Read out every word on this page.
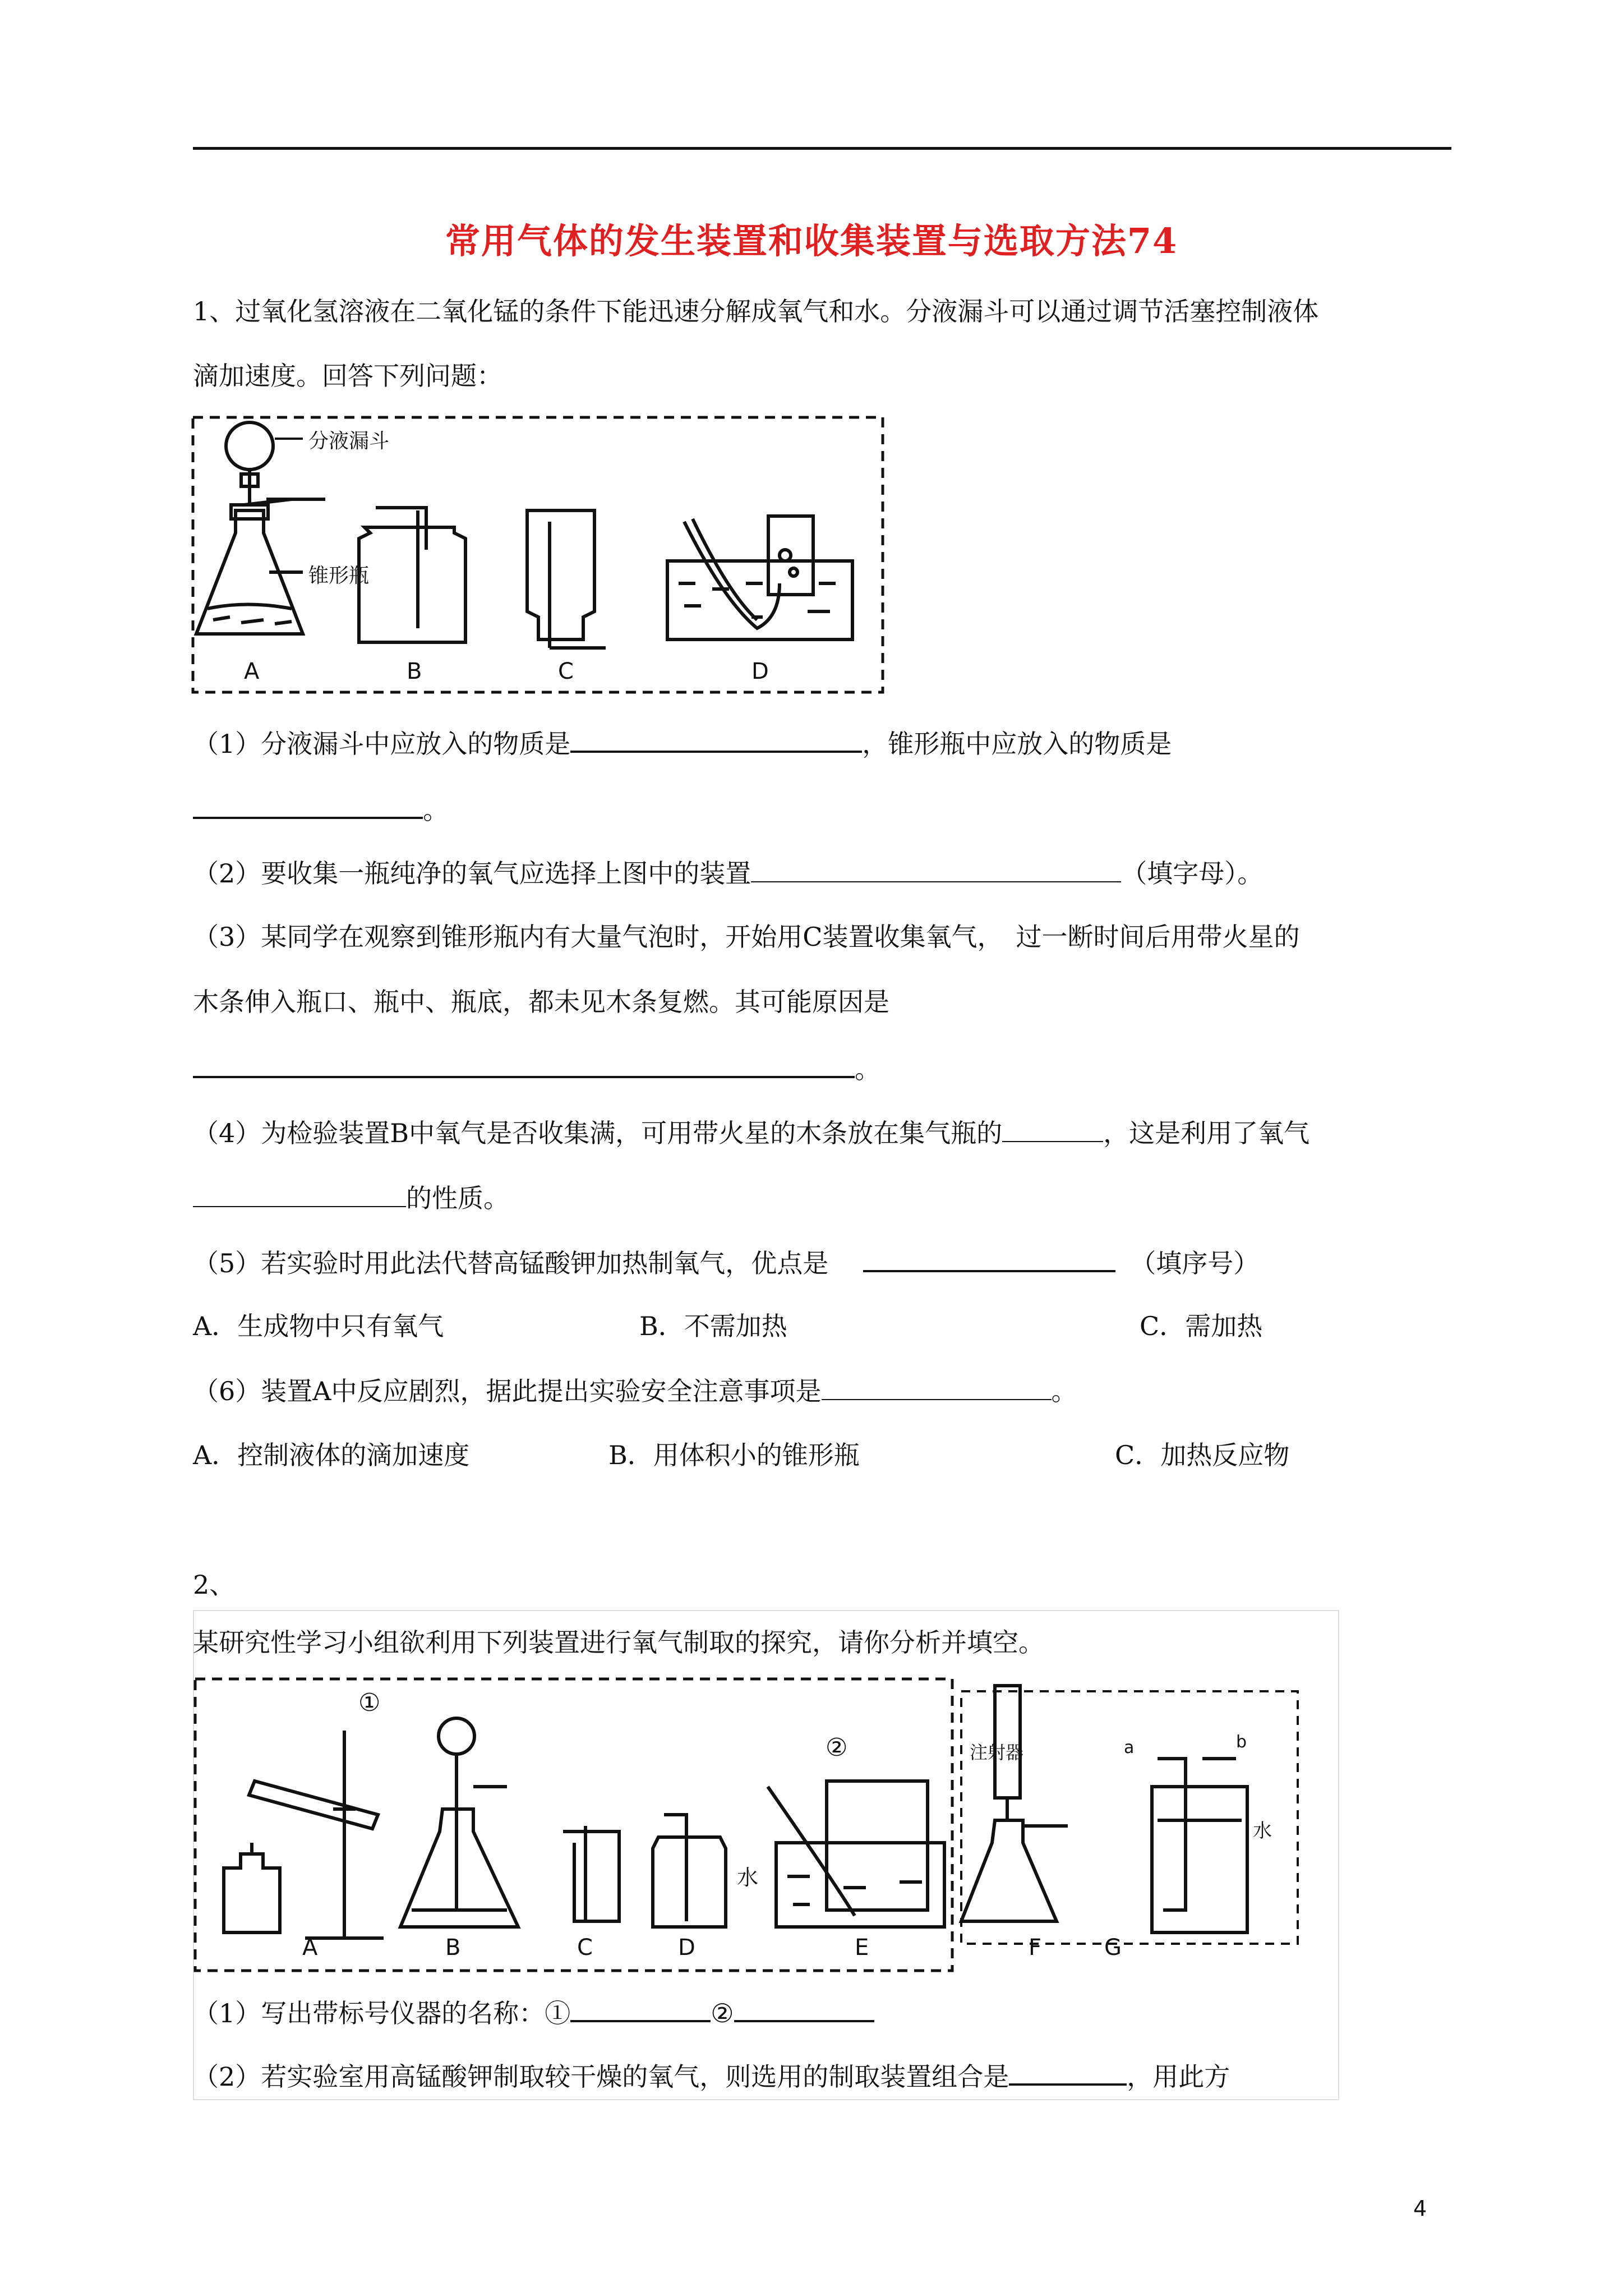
常用气体的发生装置和收集装置与选取方法74
1、过氧化氢溶液在二氧化锰的条件下能迅速分解成氧气和水。分液漏斗可以通过调节活塞控制液体
滴加速度。回答下列问题：
分液漏斗
锥形瓶
A	B	C	D
（1）分液漏斗中应放入的物质是	，锥形瓶中应放入的物质是
。
（2）要收集一瓶纯净的氧气应选择上图中的装置	（填字母）。
（3）某同学在观察到锥形瓶内有大量气泡时，开始用C装置收集氧气，　过一断时间后用带火星的
木条伸入瓶口、瓶中、瓶底，都未见木条复燃。其可能原因是
。
（4）为检验装置B中氧气是否收集满，可用带火星的木条放在集气瓶的	，这是利用了氧气
的性质。
（5）若实验时用此法代替高锰酸钾加热制氧气，优点是	（填序号）
A．生成物中只有氧气	B．不需加热	C．需加热
（6）装置A中反应剧烈，据此提出实验安全注意事项是	。
A．控制液体的滴加速度	B．用体积小的锥形瓶	C．加热反应物
2、
某研究性学习小组欲利用下列装置进行氧气制取的探究，请你分析并填空。
①
②
水
注射器	a	b
水
A	B	C	D	E	F	G
（1）写出带标号仪器的名称：①	②
（2）若实验室用高锰酸钾制取较干燥的氧气，则选用的制取装置组合是	，用此方
4
